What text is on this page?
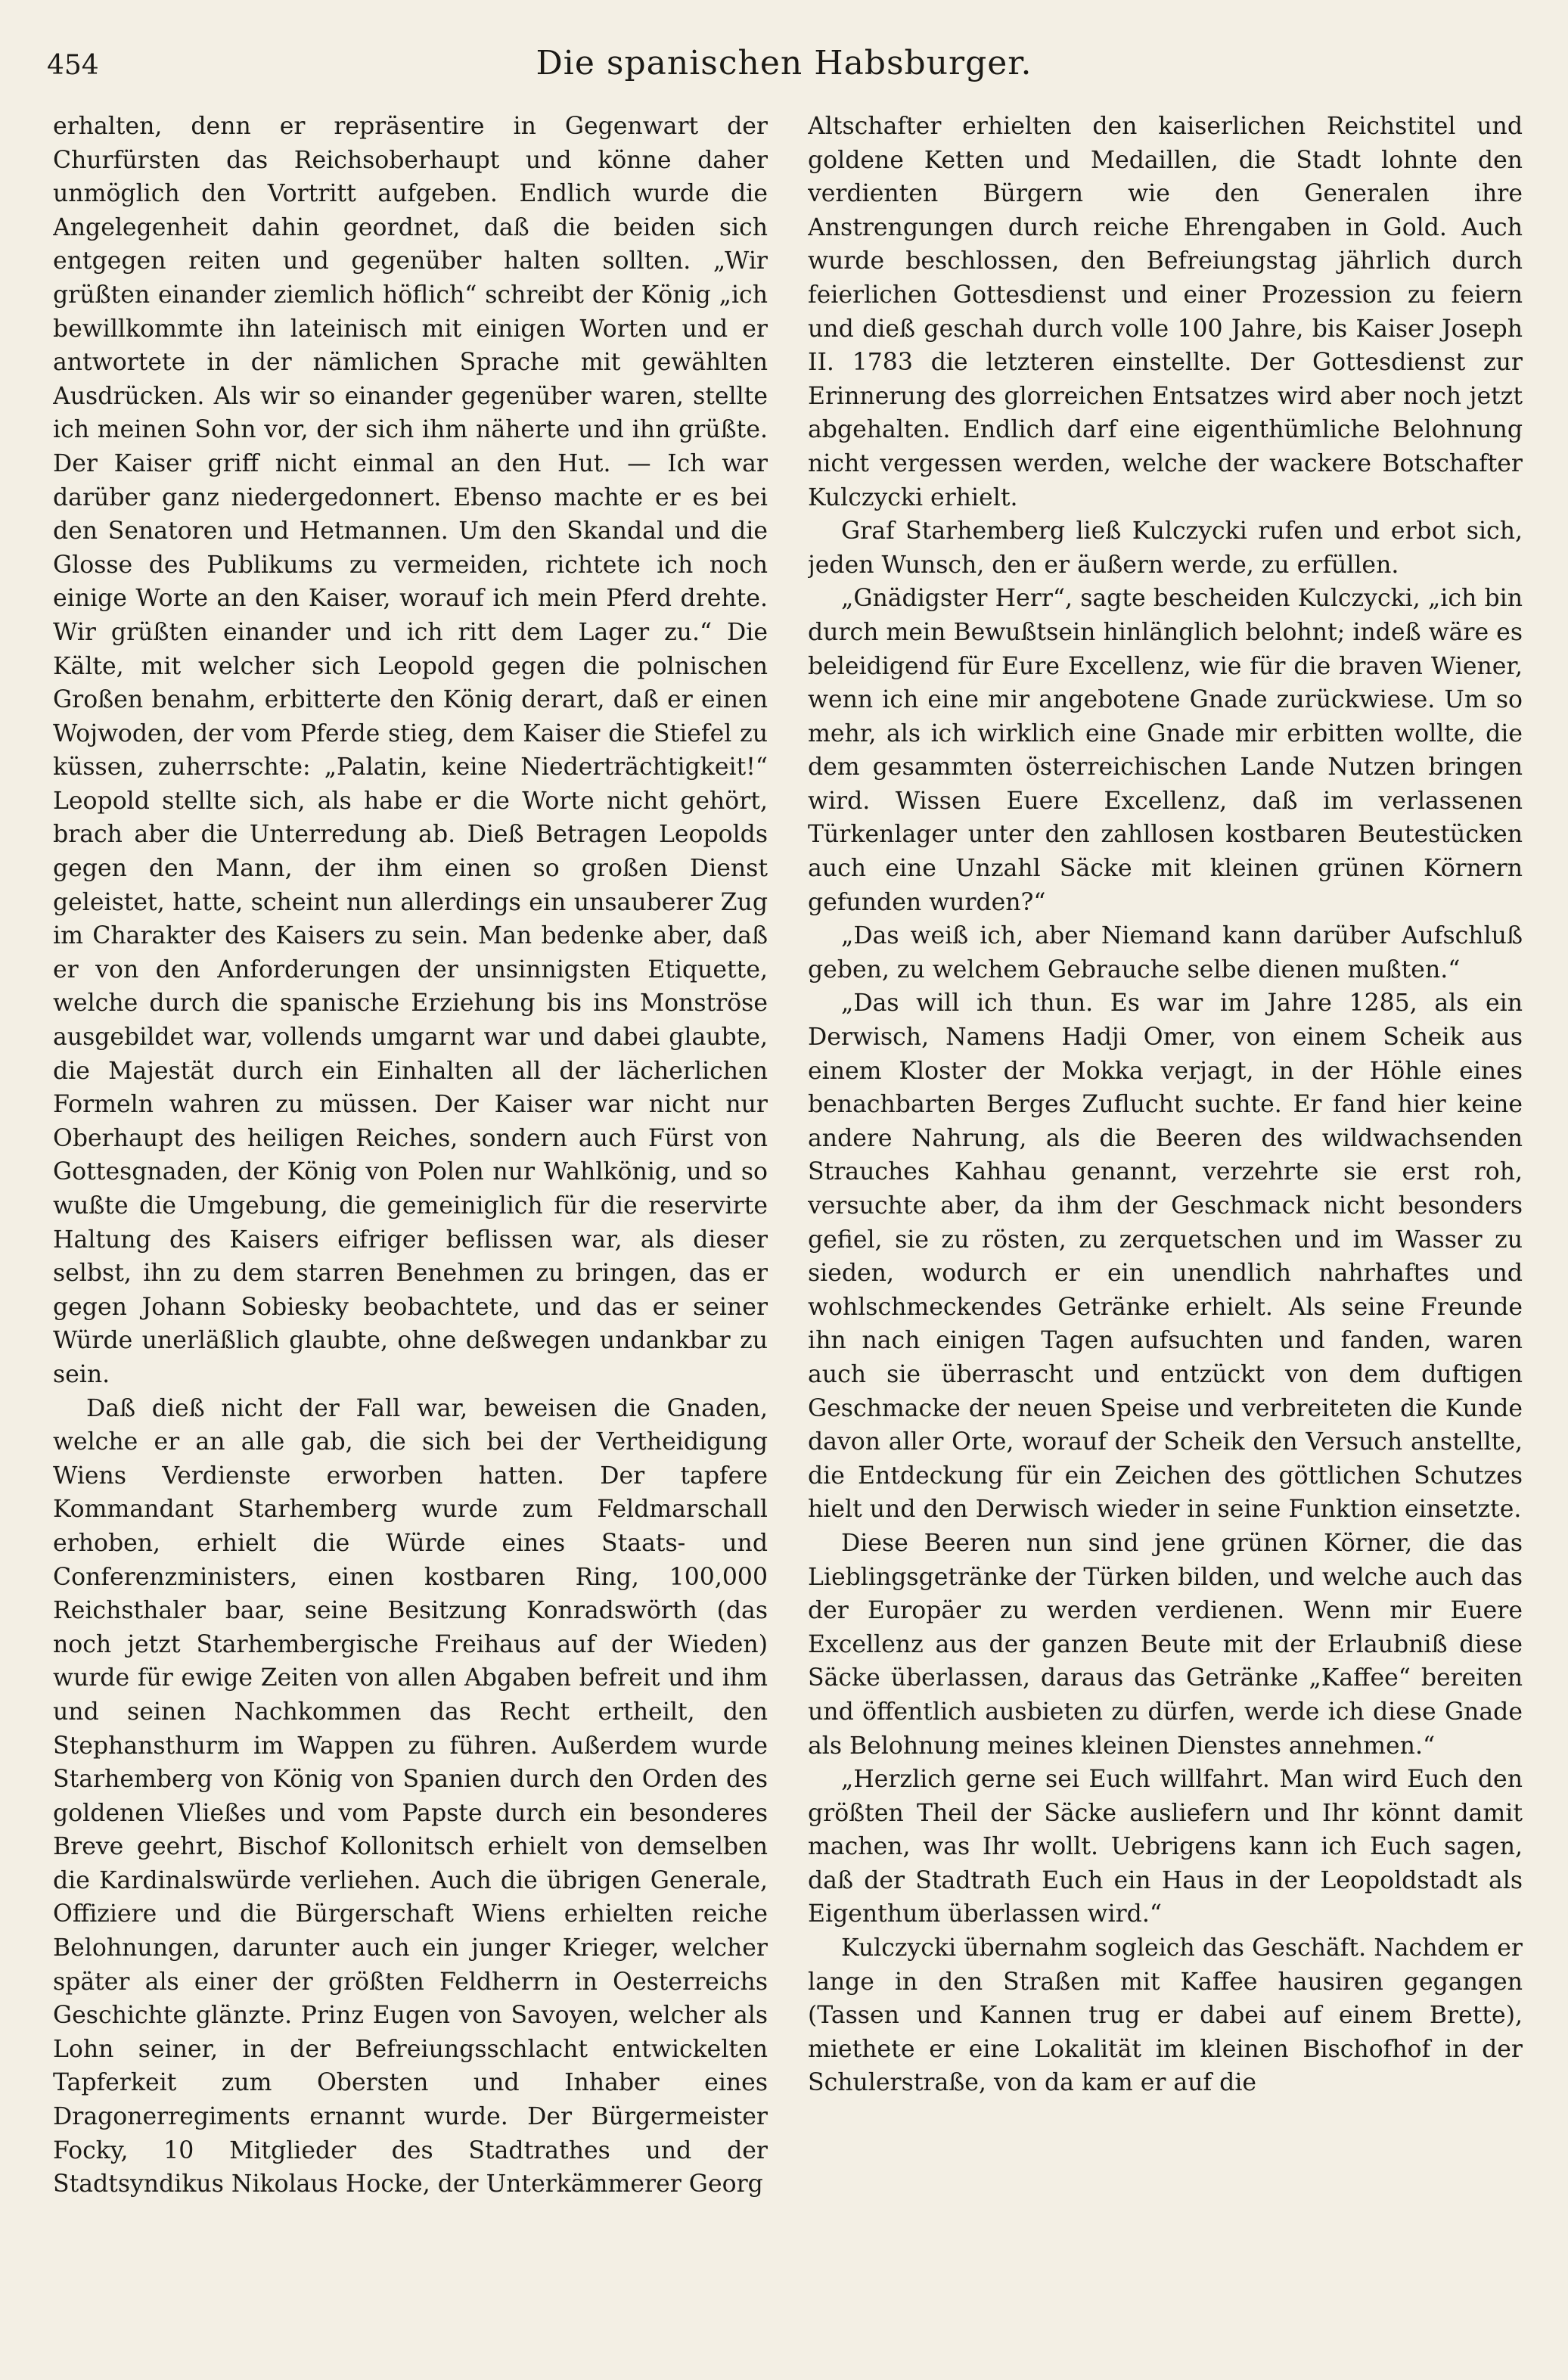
454	Die spanischen Habsburger.

erhalten, denn er repräsentire in Gegenwart der Churfürsten das Reichsoberhaupt und könne daher unmöglich den Vortritt aufgeben. Endlich wurde die Angelegenheit dahin geordnet, daß die beiden sich entgegen reiten und gegenüber halten sollten. „Wir grüßten einander ziemlich höflich“ schreibt der König „ich bewillkommte ihn lateinisch mit einigen Worten und er antwortete in der nämlichen Sprache mit gewählten Ausdrücken. Als wir so einander gegenüber waren, stellte ich meinen Sohn vor, der sich ihm näherte und ihn grüßte. Der Kaiser griff nicht einmal an den Hut. — Ich war darüber ganz niedergedonnert. Ebenso machte er es bei den Senatoren und Hetmannen. Um den Skandal und die Glosse des Publikums zu vermeiden, richtete ich noch einige Worte an den Kaiser, worauf ich mein Pferd drehte. Wir grüßten einander und ich ritt dem Lager zu.“ Die Kälte, mit welcher sich Leopold gegen die polnischen Großen benahm, erbitterte den König derart, daß er einen Wojwoden, der vom Pferde stieg, dem Kaiser die Stiefel zu küssen, zuherrschte: „Palatin, keine Niederträchtigkeit!“ Leopold stellte sich, als habe er die Worte nicht gehört, brach aber die Unterredung ab. Dieß Betragen Leopolds gegen den Mann, der ihm einen so großen Dienst geleistet, hatte, scheint nun allerdings ein unsauberer Zug im Charakter des Kaisers zu sein. Man bedenke aber, daß er von den Anforderungen der unsinnigsten Etiquette, welche durch die spanische Erziehung bis ins Monströse ausgebildet war, vollends umgarnt war und dabei glaubte, die Majestät durch ein Einhalten all der lächerlichen Formeln wahren zu müssen. Der Kaiser war nicht nur Oberhaupt des heiligen Reiches, sondern auch Fürst von Gottesgnaden, der König von Polen nur Wahlkönig, und so wußte die Umgebung, die gemeiniglich für die reservirte Haltung des Kaisers eifriger beflissen war, als dieser selbst, ihn zu dem starren Benehmen zu bringen, das er gegen Johann Sobiesky beobachtete, und das er seiner Würde unerläßlich glaubte, ohne deßwegen undankbar zu sein.

Daß dieß nicht der Fall war, beweisen die Gnaden, welche er an alle gab, die sich bei der Vertheidigung Wiens Verdienste erworben hatten. Der tapfere Kommandant Starhemberg wurde zum Feldmarschall erhoben, erhielt die Würde eines Staats- und Conferenzministers, einen kostbaren Ring, 100,000 Reichsthaler baar, seine Besitzung Konradswörth (das noch jetzt Starhembergische Freihaus auf der Wieden) wurde für ewige Zeiten von allen Abgaben befreit und ihm und seinen Nachkommen das Recht ertheilt, den Stephansthurm im Wappen zu führen. Außerdem wurde Starhemberg von König von Spanien durch den Orden des goldenen Vließes und vom Papste durch ein besonderes Breve geehrt, Bischof Kollonitsch erhielt von demselben die Kardinalswürde verliehen. Auch die übrigen Generale, Offiziere und die Bürgerschaft Wiens erhielten reiche Belohnungen, darunter auch ein junger Krieger, welcher später als einer der größten Feldherrn in Oesterreichs Geschichte glänzte. Prinz Eugen von Savoyen, welcher als Lohn seiner, in der Befreiungsschlacht entwickelten Tapferkeit zum Obersten und Inhaber eines Dragonerregiments ernannt wurde. Der Bürgermeister Focky, 10 Mitglieder des Stadtrathes und der Stadtsyndikus Nikolaus Hocke, der Unterkämmerer Georg

Altschafter erhielten den kaiserlichen Reichstitel und goldene Ketten und Medaillen, die Stadt lohnte den verdienten Bürgern wie den Generalen ihre Anstrengungen durch reiche Ehrengaben in Gold. Auch wurde beschlossen, den Befreiungstag jährlich durch feierlichen Gottesdienst und einer Prozession zu feiern und dieß geschah durch volle 100 Jahre, bis Kaiser Joseph II. 1783 die letzteren einstellte. Der Gottesdienst zur Erinnerung des glorreichen Entsatzes wird aber noch jetzt abgehalten. Endlich darf eine eigenthümliche Belohnung nicht vergessen werden, welche der wackere Botschafter Kulczycki erhielt.

Graf Starhemberg ließ Kulczycki rufen und erbot sich, jeden Wunsch, den er äußern werde, zu erfüllen.

„Gnädigster Herr“, sagte bescheiden Kulczycki, „ich bin durch mein Bewußtsein hinlänglich belohnt; indeß wäre es beleidigend für Eure Excellenz, wie für die braven Wiener, wenn ich eine mir angebotene Gnade zurückwiese. Um so mehr, als ich wirklich eine Gnade mir erbitten wollte, die dem gesammten österreichischen Lande Nutzen bringen wird. Wissen Euere Excellenz, daß im verlassenen Türkenlager unter den zahllosen kostbaren Beutestücken auch eine Unzahl Säcke mit kleinen grünen Körnern gefunden wurden?“

„Das weiß ich, aber Niemand kann darüber Aufschluß geben, zu welchem Gebrauche selbe dienen mußten.“

„Das will ich thun. Es war im Jahre 1285, als ein Derwisch, Namens Hadji Omer, von einem Scheik aus einem Kloster der Mokka verjagt, in der Höhle eines benachbarten Berges Zuflucht suchte. Er fand hier keine andere Nahrung, als die Beeren des wildwachsenden Strauches Kahhau genannt, verzehrte sie erst roh, versuchte aber, da ihm der Geschmack nicht besonders gefiel, sie zu rösten, zu zerquetschen und im Wasser zu sieden, wodurch er ein unendlich nahrhaftes und wohlschmeckendes Getränke erhielt. Als seine Freunde ihn nach einigen Tagen aufsuchten und fanden, waren auch sie überrascht und entzückt von dem duftigen Geschmacke der neuen Speise und verbreiteten die Kunde davon aller Orte, worauf der Scheik den Versuch anstellte, die Entdeckung für ein Zeichen des göttlichen Schutzes hielt und den Derwisch wieder in seine Funktion einsetzte.

Diese Beeren nun sind jene grünen Körner, die das Lieblingsgetränke der Türken bilden, und welche auch das der Europäer zu werden verdienen. Wenn mir Euere Excellenz aus der ganzen Beute mit der Erlaubniß diese Säcke überlassen, daraus das Getränke „Kaffee“ bereiten und öffentlich ausbieten zu dürfen, werde ich diese Gnade als Belohnung meines kleinen Dienstes annehmen.“

„Herzlich gerne sei Euch willfahrt. Man wird Euch den größten Theil der Säcke ausliefern und Ihr könnt damit machen, was Ihr wollt. Uebrigens kann ich Euch sagen, daß der Stadtrath Euch ein Haus in der Leopoldstadt als Eigenthum überlassen wird.“

Kulczycki übernahm sogleich das Geschäft. Nachdem er lange in den Straßen mit Kaffee hausiren gegangen (Tassen und Kannen trug er dabei auf einem Brette), miethete er eine Lokalität im kleinen Bischofhof in der Schulerstraße, von da kam er auf die
